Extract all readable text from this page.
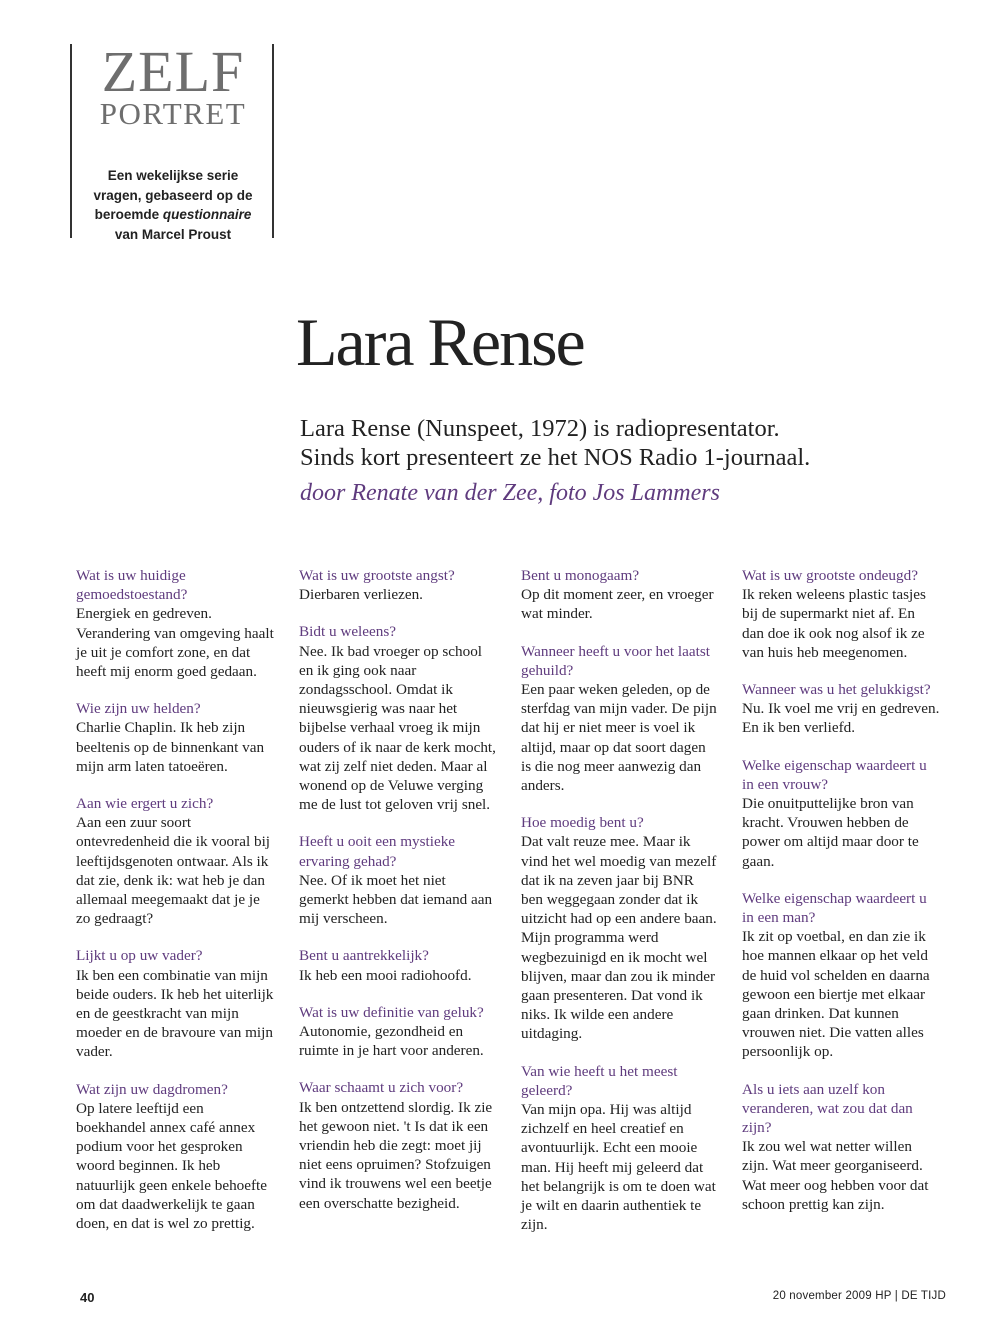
ZELF
PORTRET
Een wekelijkse serie vragen, gebaseerd op de beroemde questionnaire van Marcel Proust
Lara Rense
Lara Rense (Nunspeet, 1972) is radiopresentator.
Sinds kort presenteert ze het NOS Radio 1-journaal.
door Renate van der Zee, foto Jos Lammers

Wat is uw huidige gemoedstoestand?

Energiek en gedreven. Verandering van omgeving haalt je uit je comfort zone, en dat heeft mij enorm goed gedaan.

Wie zijn uw helden?

Charlie Chaplin. Ik heb zijn beeltenis op de binnenkant van mijn arm laten tatoeëren.

Aan wie ergert u zich?

Aan een zuur soort ontevredenheid die ik vooral bij leeftijdsgenoten ontwaar. Als ik dat zie, denk ik: wat heb je dan allemaal meegemaakt dat je je zo gedraagt?

Lijkt u op uw vader?

Ik ben een combinatie van mijn beide ouders. Ik heb het uiterlijk en de geestkracht van mijn moeder en de bravoure van mijn vader.

Wat zijn uw dagdromen?

Op latere leeftijd een boekhandel annex café annex podium voor het gesproken woord beginnen. Ik heb natuurlijk geen enkele behoefte om dat daadwerkelijk te gaan doen, en dat is wel zo prettig.

Wat is uw grootste angst?

Dierbaren verliezen.

Bidt u weleens?

Nee. Ik bad vroeger op school en ik ging ook naar zondagsschool. Omdat ik nieuwsgierig was naar het bijbelse verhaal vroeg ik mijn ouders of ik naar de kerk mocht, wat zij zelf niet deden. Maar al wonend op de Veluwe verging me de lust tot geloven vrij snel.

Heeft u ooit een mystieke ervaring gehad?

Nee. Of ik moet het niet gemerkt hebben dat iemand aan mij verscheen.

Bent u aantrekkelijk?

Ik heb een mooi radiohoofd.

Wat is uw definitie van geluk?

Autonomie, gezondheid en ruimte in je hart voor anderen.

Waar schaamt u zich voor?

Ik ben ontzettend slordig. Ik zie het gewoon niet. 't Is dat ik een vriendin heb die zegt: moet jij niet eens opruimen? Stofzuigen vind ik trouwens wel een beetje een overschatte bezigheid.

Bent u monogaam?

Op dit moment zeer, en vroeger wat minder.

Wanneer heeft u voor het laatst gehuild?

Een paar weken geleden, op de sterfdag van mijn vader. De pijn dat hij er niet meer is voel ik altijd, maar op dat soort dagen is die nog meer aanwezig dan anders.

Hoe moedig bent u?

Dat valt reuze mee. Maar ik vind het wel moedig van mezelf dat ik na zeven jaar bij BNR ben weggegaan zonder dat ik uitzicht had op een andere baan. Mijn programma werd wegbezuinigd en ik mocht wel blijven, maar dan zou ik minder gaan presenteren. Dat vond ik niks. Ik wilde een andere uitdaging.

Van wie heeft u het meest geleerd?

Van mijn opa. Hij was altijd zichzelf en heel creatief en avontuurlijk. Echt een mooie man. Hij heeft mij geleerd dat het belangrijk is om te doen wat je wilt en daarin authentiek te zijn.

Wat is uw grootste ondeugd?

Ik reken weleens plastic tasjes bij de supermarkt niet af. En dan doe ik ook nog alsof ik ze van huis heb meegenomen.

Wanneer was u het gelukkigst?

Nu. Ik voel me vrij en gedreven. En ik ben verliefd.

Welke eigenschap waardeert u in een vrouw?

Die onuitputtelijke bron van kracht. Vrouwen hebben de power om altijd maar door te gaan.

Welke eigenschap waardeert u in een man?

Ik zit op voetbal, en dan zie ik hoe mannen elkaar op het veld de huid vol schelden en daarna gewoon een biertje met elkaar gaan drinken. Dat kunnen vrouwen niet. Die vatten alles persoonlijk op.

Als u iets aan uzelf kon veranderen, wat zou dat dan zijn?

Ik zou wel wat netter willen zijn. Wat meer georganiseerd. Wat meer oog hebben voor dat schoon prettig kan zijn.

40	20 november 2009 HP | DE TIJD
